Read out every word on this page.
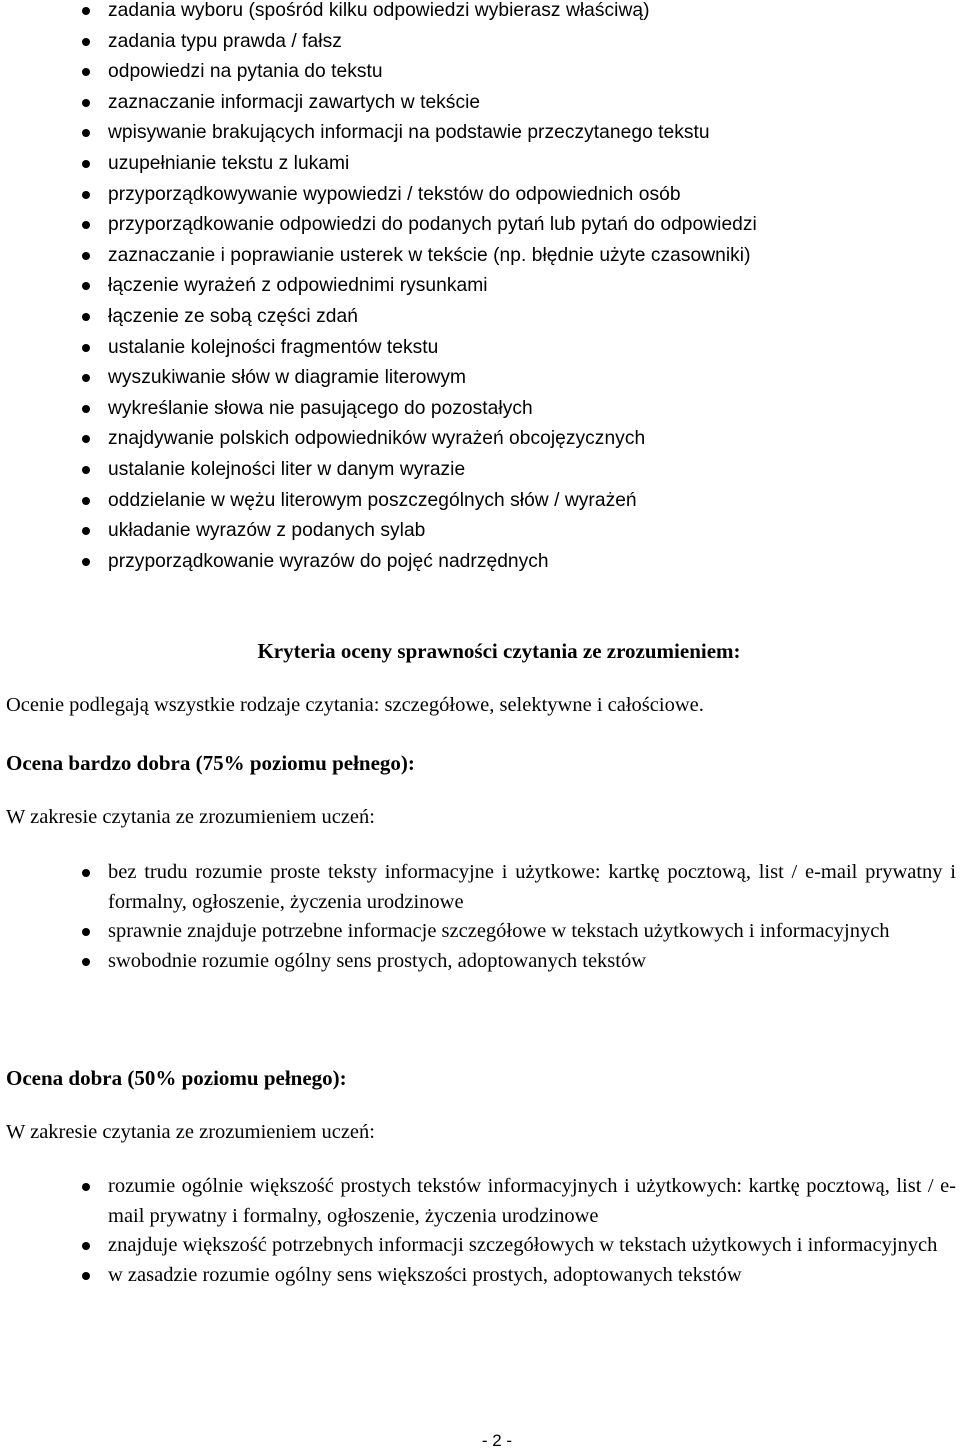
zadania wyboru (spośród kilku odpowiedzi wybierasz właściwą)
zadania typu prawda / fałsz
odpowiedzi na pytania do tekstu
zaznaczanie informacji zawartych w tekście
wpisywanie brakujących informacji na podstawie przeczytanego tekstu
uzupełnianie tekstu z lukami
przyporządkowywanie wypowiedzi / tekstów do odpowiednich osób
przyporządkowanie odpowiedzi do podanych pytań lub pytań do odpowiedzi
zaznaczanie i poprawianie usterek w tekście (np. błędnie użyte czasowniki)
łączenie wyrażeń z odpowiednimi rysunkami
łączenie ze sobą części zdań
ustalanie kolejności fragmentów tekstu
wyszukiwanie słów w diagramie literowym
wykreślanie słowa nie pasującego do pozostałych
znajdywanie polskich odpowiedników wyrażeń obcojęzycznych
ustalanie kolejności liter w danym wyrazie
oddzielanie w wężu literowym poszczególnych słów / wyrażeń
układanie wyrazów z podanych sylab
przyporządkowanie wyrazów do pojęć nadrzędnych
Kryteria oceny sprawności czytania ze zrozumieniem:
Ocenie podlegają wszystkie rodzaje czytania: szczegółowe, selektywne i całościowe.
Ocena bardzo dobra (75% poziomu pełnego):
W zakresie czytania ze zrozumieniem uczeń:
bez trudu rozumie proste teksty informacyjne i użytkowe: kartkę pocztową, list / e-mail prywatny i formalny, ogłoszenie, życzenia urodzinowe
sprawnie znajduje potrzebne informacje szczegółowe w tekstach użytkowych i informacyjnych
swobodnie rozumie ogólny sens prostych, adoptowanych tekstów
Ocena dobra (50% poziomu pełnego):
W zakresie czytania ze zrozumieniem uczeń:
rozumie ogólnie większość prostych tekstów informacyjnych i użytkowych: kartkę pocztową, list / e-mail prywatny i formalny, ogłoszenie, życzenia urodzinowe
znajduje większość potrzebnych informacji szczegółowych w tekstach użytkowych i informacyjnych
w zasadzie rozumie ogólny sens większości prostych, adoptowanych tekstów
- 2 -
